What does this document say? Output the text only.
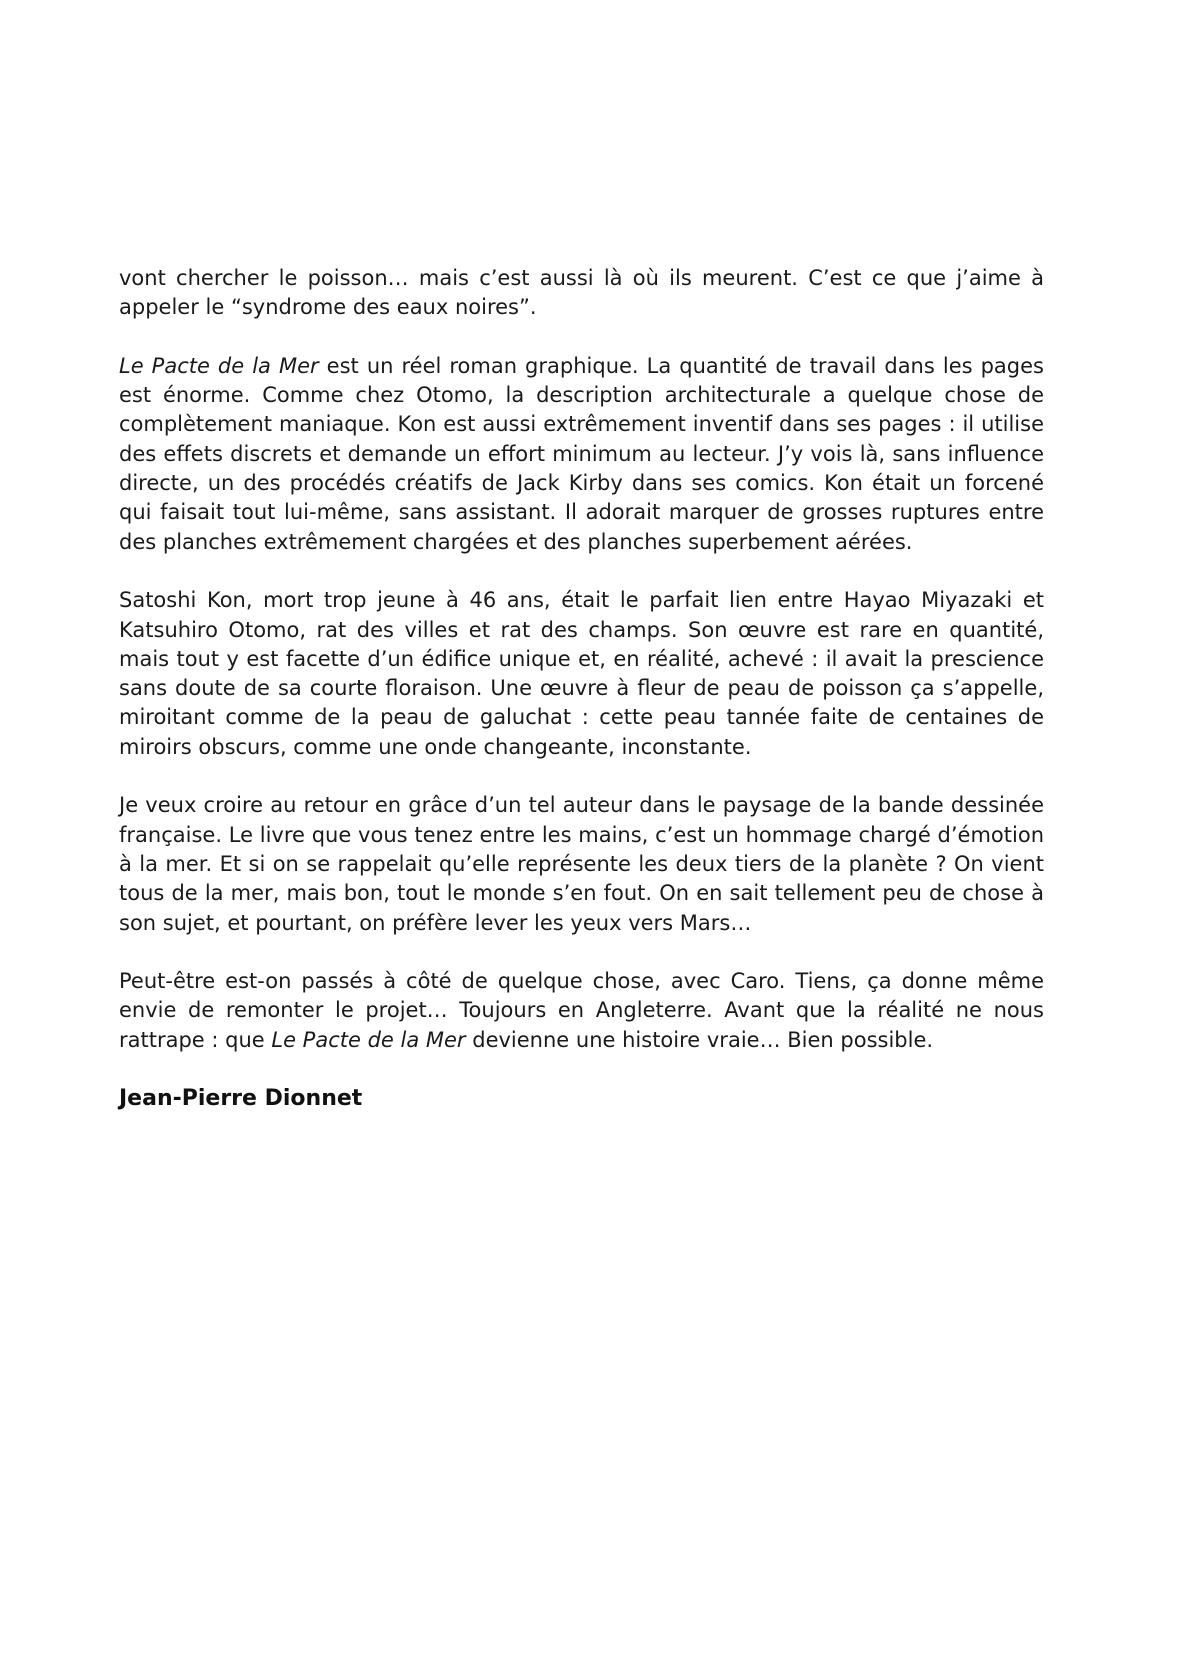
vont chercher le poisson… mais c’est aussi là où ils meurent. C’est ce que j’aime à appeler le “syndrome des eaux noires”.

Le Pacte de la Mer est un réel roman graphique. La quantité de travail dans les pages est énorme. Comme chez Otomo, la description architecturale a quelque chose de complètement maniaque. Kon est aussi extrêmement inventif dans ses pages : il utilise des effets discrets et demande un effort minimum au lecteur. J’y vois là, sans influence directe, un des procédés créatifs de Jack Kirby dans ses comics. Kon était un forcené qui faisait tout lui-même, sans assistant. Il adorait marquer de grosses ruptures entre des planches extrêmement chargées et des planches superbement aérées.

Satoshi Kon, mort trop jeune à 46 ans, était le parfait lien entre Hayao Miyazaki et Katsuhiro Otomo, rat des villes et rat des champs. Son œuvre est rare en quantité, mais tout y est facette d’un édifice unique et, en réalité, achevé : il avait la prescience sans doute de sa courte floraison. Une œuvre à fleur de peau de poisson ça s’appelle, miroitant comme de la peau de galuchat : cette peau tannée faite de centaines de miroirs obscurs, comme une onde changeante, inconstante.

Je veux croire au retour en grâce d’un tel auteur dans le paysage de la bande dessinée française. Le livre que vous tenez entre les mains, c’est un hommage chargé d’émotion à la mer. Et si on se rappelait qu’elle représente les deux tiers de la planète ? On vient tous de la mer, mais bon, tout le monde s’en fout. On en sait tellement peu de chose à son sujet, et pourtant, on préfère lever les yeux vers Mars…

Peut-être est-on passés à côté de quelque chose, avec Caro. Tiens, ça donne même envie de remonter le projet… Toujours en Angleterre. Avant que la réalité ne nous rattrape : que Le Pacte de la Mer devienne une histoire vraie… Bien possible.

Jean-Pierre Dionnet
